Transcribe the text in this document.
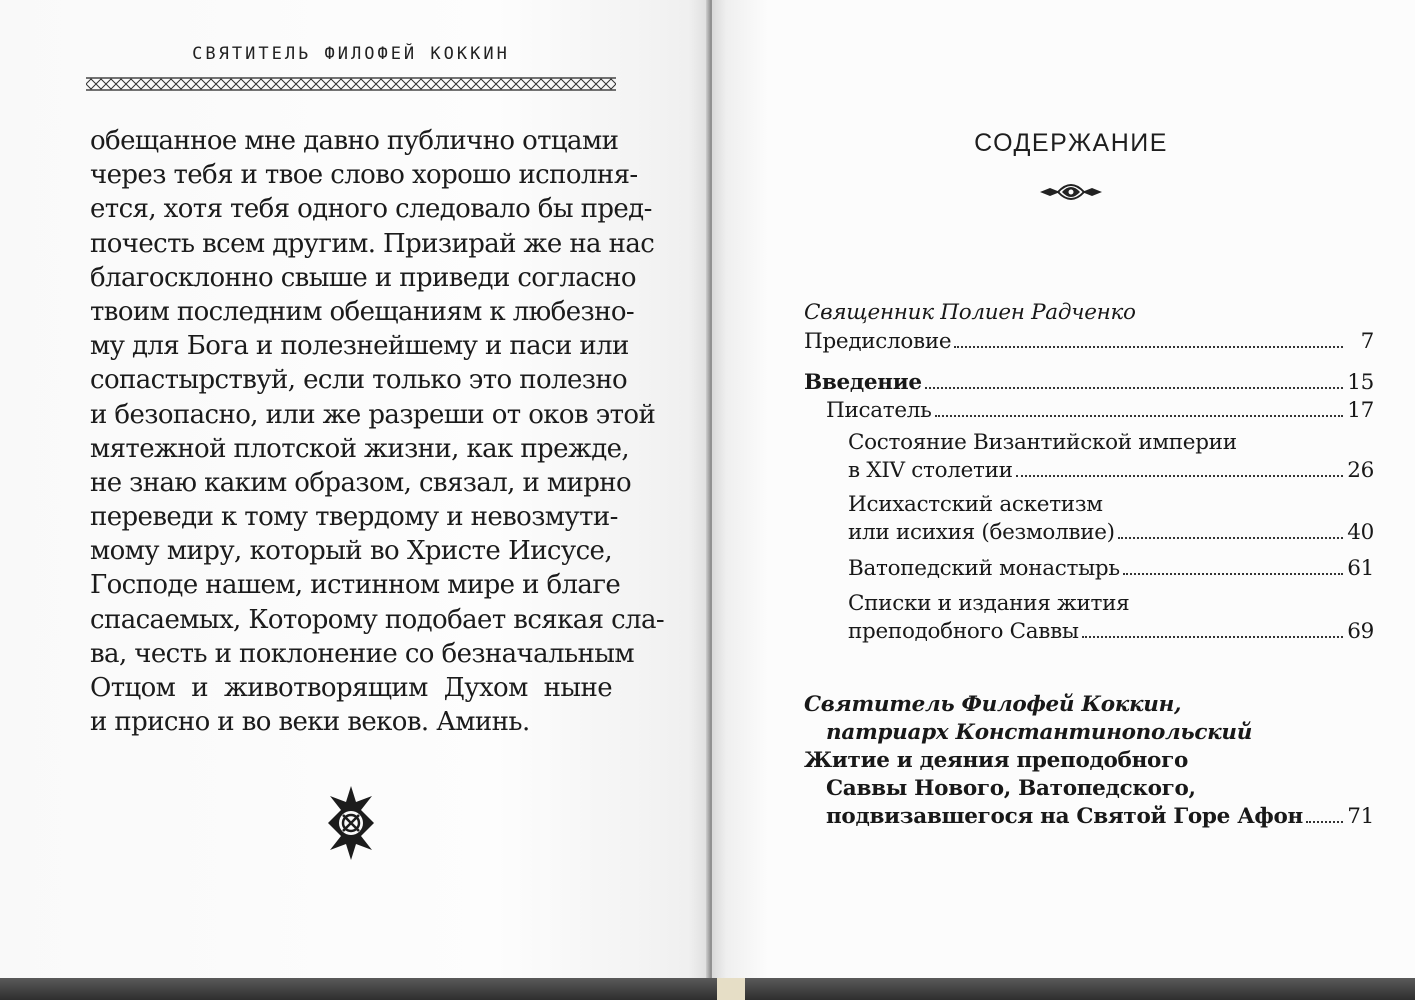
СВЯТИТЕЛЬ ФИЛОФЕЙ КОККИН
обещанное мне давно публично отцами
через тебя и твое слово хорошо исполня-
ется, хотя тебя одного следовало бы пред-
почесть всем другим. Призирай же на нас
благосклонно свыше и приведи согласно
твоим последним обещаниям к любезно-
му для Бога и полезнейшему и паси или
сопастырствуй, если только это полезно
и безопасно, или же разреши от оков этой
мятежной плотской жизни, как прежде,
не знаю каким образом, связал, и мирно
переведи к тому твердому и невозмути-
мому миру, который во Христе Иисусе,
Господе нашем, истинном мире и благе
спасаемых, Которому подобает всякая сла-
ва, честь и поклонение со безначальным
Отцом и животворящим Духом ныне
и присно и во веки веков. Аминь.
СОДЕРЖАНИЕ
Священник Полиен Радченко
Предисловие	7
Введение	15
Писатель	17
Состояние Византийской империи
в XIV столетии	26
Исихастский аскетизм
или исихия (безмолвие)	40
Ватопедский монастырь	61
Списки и издания жития
преподобного Саввы	69
Святитель Филофей Коккин,
патриарх Константинопольский
Житие и деяния преподобного
Саввы Нового, Ватопедского,
подвизавшегося на Святой Горе Афон 71
